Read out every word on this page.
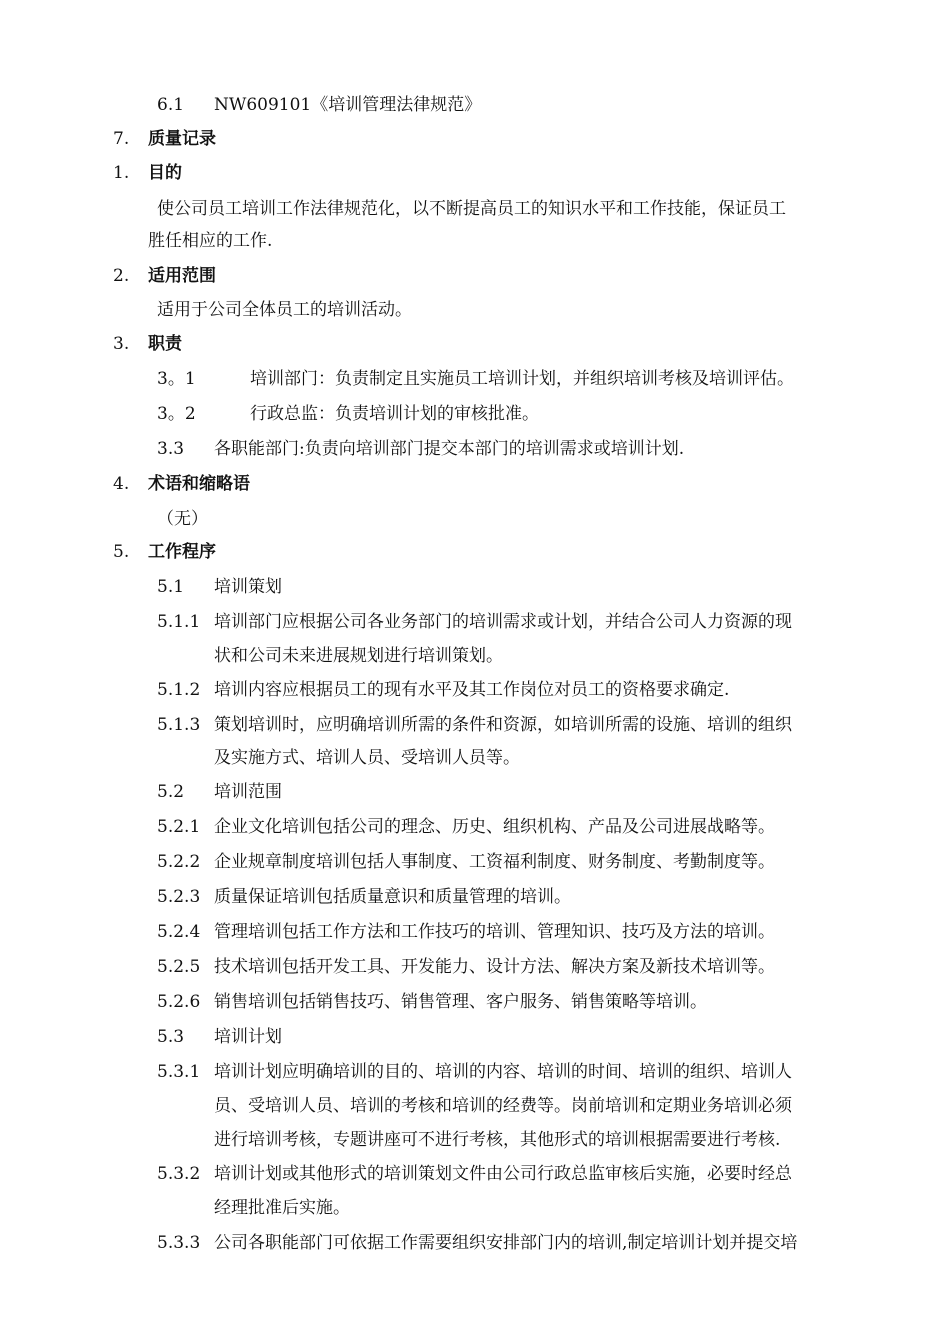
6.1 NW609101《培训管理法律规范》
7. 质量记录
1. 目的
使公司员工培训工作法律规范化，以不断提高员工的知识水平和工作技能，保证员工
胜任相应的工作.
2. 适用范围
适用于公司全体员工的培训活动。
3. 职责
3。1	培训部门：负责制定且实施员工培训计划，并组织培训考核及培训评估。
3。2	行政总监：负责培训计划的审核批准。
3.3 各职能部门:负责向培训部门提交本部门的培训需求或培训计划.
4. 术语和缩略语
（无）
5. 工作程序
5.1 培训策划
5.1.1 培训部门应根据公司各业务部门的培训需求或计划，并结合公司人力资源的现
状和公司未来进展规划进行培训策划。
5.1.2 培训内容应根据员工的现有水平及其工作岗位对员工的资格要求确定.
5.1.3 策划培训时，应明确培训所需的条件和资源，如培训所需的设施、培训的组织
及实施方式、培训人员、受培训人员等。
5.2 培训范围
5.2.1 企业文化培训包括公司的理念、历史、组织机构、产品及公司进展战略等。
5.2.2 企业规章制度培训包括人事制度、工资福利制度、财务制度、考勤制度等。
5.2.3 质量保证培训包括质量意识和质量管理的培训。
5.2.4 管理培训包括工作方法和工作技巧的培训、管理知识、技巧及方法的培训。
5.2.5 技术培训包括开发工具、开发能力、设计方法、解决方案及新技术培训等。
5.2.6 销售培训包括销售技巧、销售管理、客户服务、销售策略等培训。
5.3 培训计划
5.3.1 培训计划应明确培训的目的、培训的内容、培训的时间、培训的组织、培训人
员、受培训人员、培训的考核和培训的经费等。岗前培训和定期业务培训必须
进行培训考核，专题讲座可不进行考核，其他形式的培训根据需要进行考核.
5.3.2 培训计划或其他形式的培训策划文件由公司行政总监审核后实施，必要时经总
经理批准后实施。
5.3.3 公司各职能部门可依据工作需要组织安排部门内的培训,制定培训计划并提交培
